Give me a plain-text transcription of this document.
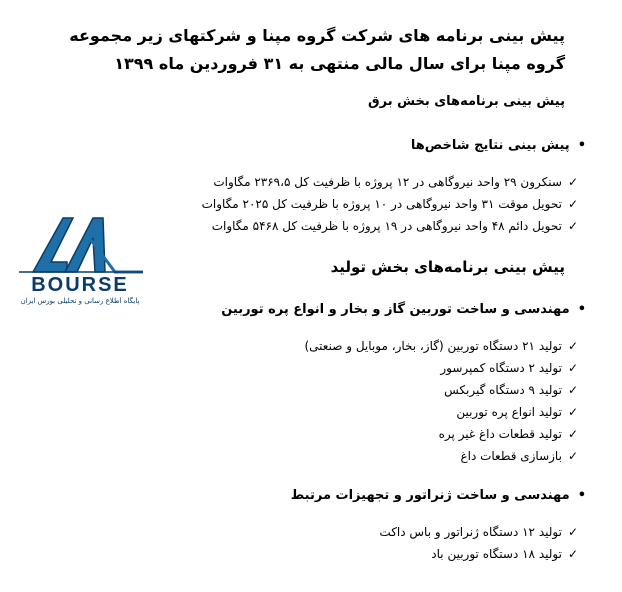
پیش بینی برنامه های شرکت گروه مپنا و شرکتهای زیر مجموعه گروه مپنا برای سال مالی منتهی به ۳۱ فروردین ماه ۱۳۹۹
پیش بینی برنامه‌های بخش برق
•پیش بینی نتایج شاخص‌ها
✓سنکرون ۲۹ واحد نیروگاهی در ۱۲ پروژه با ظرفیت کل ۲۳۶۹،۵ مگاوات
✓تحویل موقت ۳۱ واحد نیروگاهی در ۱۰ پروژه با ظرفیت کل ۲۰۲۵ مگاوات
✓تحویل دائم ۴۸ واحد نیروگاهی در ۱۹ پروژه با ظرفیت کل ۵۴۶۸ مگاوات
پیش بینی برنامه‌های بخش تولید
•مهندسی و ساخت توربین گاز و بخار و انواع پره توربین
✓تولید ۲۱ دستگاه توربین (گاز، بخار، موبایل و صنعتی)
✓تولید ۲ دستگاه کمپرسور
✓تولید ۹ دستگاه گیربکس
✓تولید انواع پره توربین
✓تولید قطعات داغ غیر پره
✓بازسازی قطعات داغ
•مهندسی و ساخت ژنراتور و تجهیزات مرتبط
✓تولید ۱۲ دستگاه ژنراتور و باس داکت
✓تولید ۱۸ دستگاه توربین باد
BOURSE
پایگاه اطلاع رسانی و تحلیلی بورس ایران
